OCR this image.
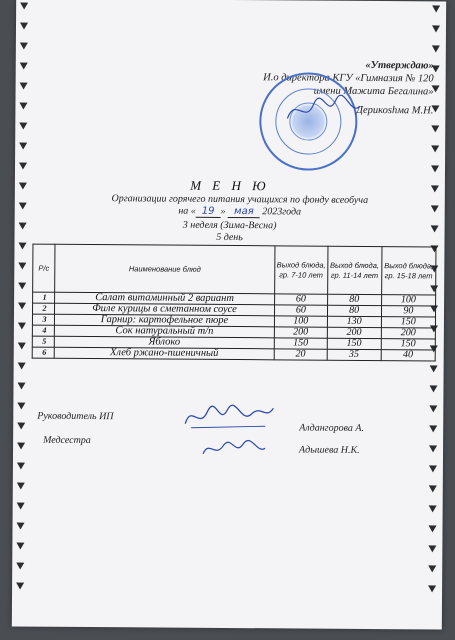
«Утверждаю»
И.о директора КГУ «Гимназия № 120
имени Мажита Бегалина»
Дерикоshма М.Н.
М Е Н Ю
Организации горячего питания учащихся по фонду всеобуча
на « 19 » мая 2023года
3 неделя (Зима-Весна)
5 день
Р/с	Наименование блюд	Выход блюда, гр. 7-10 лет	Выход блюда, гр. 11-14 лет	Выход блюда, гр. 15-18 лет
1	Салат витаминный 2 вариант	60	80	100
2	Филе курицы в сметанном соусе	60	80	90
3	Гарнир: картофельное пюре	100	130	150
4	Сок натуральный т/п	200	200	200
5	Яблоко	150	150	150
6	Хлеб ржано-пшеничный	20	35	40
Руководитель ИП
Алдангорова А.
Медсестра
Адышева Н.К.
